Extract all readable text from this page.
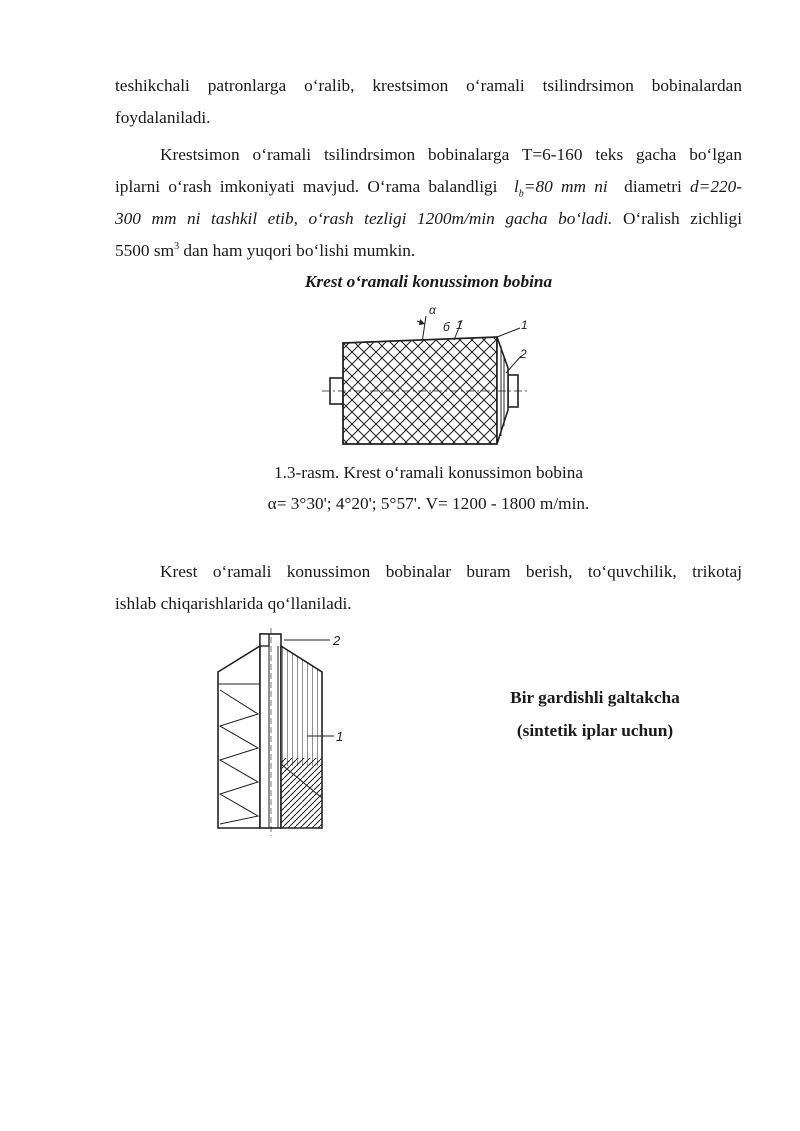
teshikchali patronlarga o‘ralib, krestsimon o‘ramali tsilindrsimon bobinalardan
foydalaniladi.
Krestsimon o‘ramali tsilindrsimon bobinalarga T=6-160 teks gacha bo‘lgan
iplarni o‘rash imkoniyati mavjud. O‘rama balandligi $l_b=80$ mm ni diametri d=220-
300 mm ni tashkil etib, o‘rash tezligi 1200m/min gacha bo‘ladi. O‘ralish zichligi
5500 $sm^3$ dan ham yuqori bo‘lishi mumkin.
Krest o‘ramali konussimon bobina
α
б 1	1
2
1.3-rasm. Krest o‘ramali konussimon bobina
α= 3°30'; 4°20'; 5°57'. V= 1200 - 1800 m/min.
Krest o‘ramali konussimon bobinalar buram berish, to‘quvchilik, trikotaj
ishlab chiqarishlarida qo‘llaniladi.
2
1
Bir gardishli galtakcha
(sintetik iplar uchun)
